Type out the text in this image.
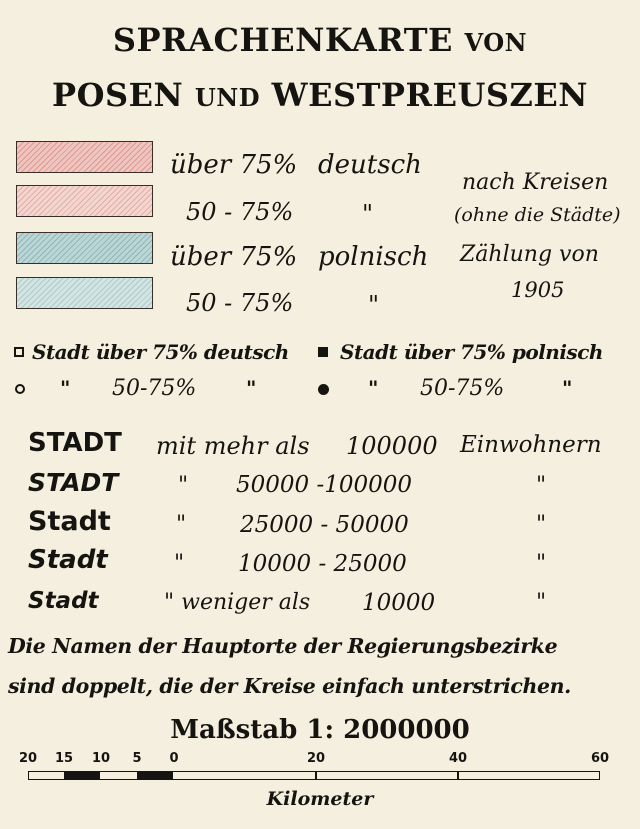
SPRACHENKARTE VON
POSEN UND WESTPREUSZEN
über 75% deutsch
50 - 75%	"
über 75% polnisch
50 - 75%	"
nach Kreisen
(ohne die Städte)
Zählung von
1905
Stadt über 75% deutsch	Stadt über 75% polnisch
" 50-75% "	" 50-75%	"
STADT mit mehr als 100000 Einwohnern
STADT	" 50000 -100000	"
Stadt	" 25000 - 50000	"
Stadt	" 10000 - 25000	"
Stadt	" weniger als 10000	"
Die Namen der Hauptorte der Regierungsbezirke
sind doppelt, die der Kreise einfach unterstrichen.
Maßstab 1: 2000000
20 15 10 5 0	20	40	60
Kilometer
